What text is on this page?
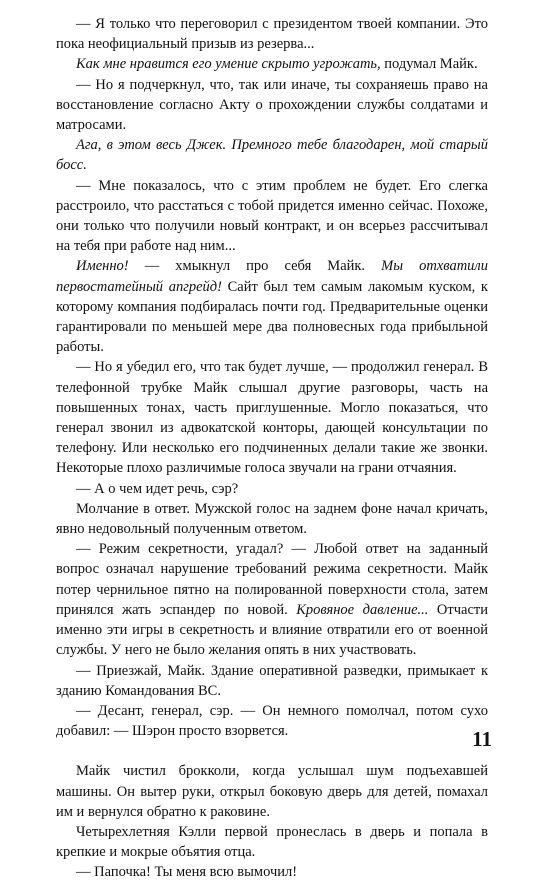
— Я только что переговорил с президентом твоей компании. Это пока неофициальный призыв из резерва...

Как мне нравится его умение скрыто угрожать, подумал Майк.

— Но я подчеркнул, что, так или иначе, ты сохраняешь право на восстановление согласно Акту о прохождении службы солдатами и матросами.

Ага, в этом весь Джек. Премного тебе благодарен, мой старый босс.

— Мне показалось, что с этим проблем не будет. Его слегка расстроило, что расстаться с тобой придется именно сейчас. Похоже, они только что получили новый контракт, и он всерьез рассчитывал на тебя при работе над ним...

Именно! — хмыкнул про себя Майк. Мы отхватили первостатейный апгрейд! Сайт был тем самым лакомым куском, к которому компания подбиралась почти год. Предварительные оценки гарантировали по меньшей мере два полновесных года прибыльной работы.

— Но я убедил его, что так будет лучше, — продолжил генерал. В телефонной трубке Майк слышал другие разговоры, часть на повышенных тонах, часть приглушенные. Могло показаться, что генерал звонил из адвокатской конторы, дающей консультации по телефону. Или несколько его подчиненных делали такие же звонки. Некоторые плохо различимые голоса звучали на грани отчаяния.

— А о чем идет речь, сэр?

Молчание в ответ. Мужской голос на заднем фоне начал кричать, явно недовольный полученным ответом.

— Режим секретности, угадал? — Любой ответ на заданный вопрос означал нарушение требований режима секретности. Майк потер чернильное пятно на полированной поверхности стола, затем принялся жать эспандер по новой. Кровяное давление... Отчасти именно эти игры в секретность и влияние отвратили его от военной службы. У него не было желания опять в них участвовать.

— Приезжай, Майк. Здание оперативной разведки, примыкает к зданию Командования ВС.

— Десант, генерал, сэр. — Он немного помолчал, потом сухо добавил: — Шэрон просто взорвется.

Майк чистил брокколи, когда услышал шум подъехавшей машины. Он вытер руки, открыл боковую дверь для детей, помахал им и вернулся обратно к раковине.

Четырехлетняя Кэлли первой пронеслась в дверь и попала в крепкие и мокрые объятия отца.

— Папочка! Ты меня всю вымочил!

11
